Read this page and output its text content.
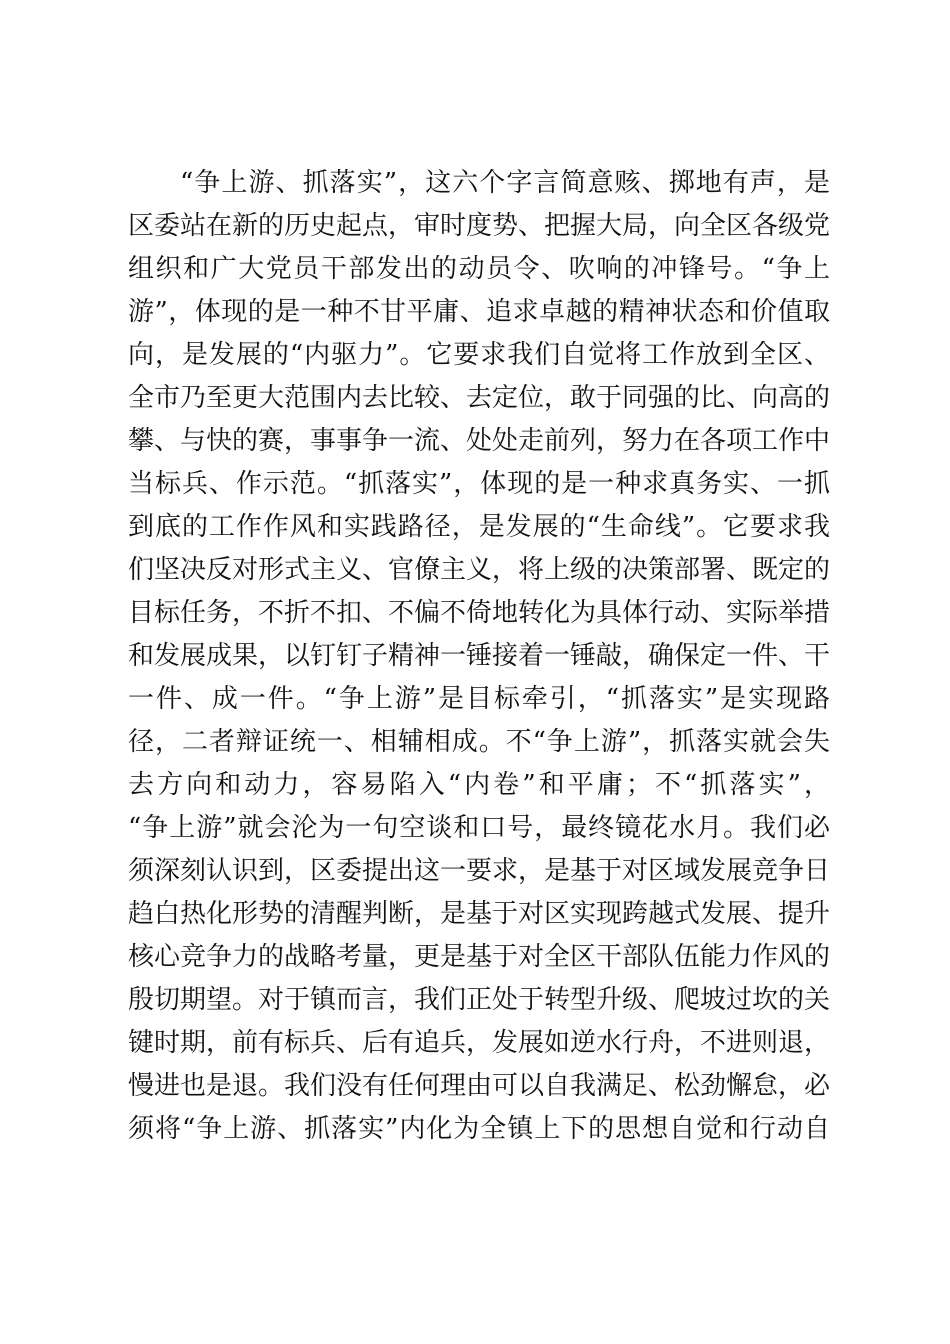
“争上游、抓落实”，这六个字言简意赅、掷地有声，是
区委站在新的历史起点，审时度势、把握大局，向全区各级党
组织和广大党员干部发出的动员令、吹响的冲锋号。“争上
游”，体现的是一种不甘平庸、追求卓越的精神状态和价值取
向，是发展的“内驱力”。它要求我们自觉将工作放到全区、
全市乃至更大范围内去比较、去定位，敢于同强的比、向高的
攀、与快的赛，事事争一流、处处走前列，努力在各项工作中
当标兵、作示范。“抓落实”，体现的是一种求真务实、一抓
到底的工作作风和实践路径，是发展的“生命线”。它要求我
们坚决反对形式主义、官僚主义，将上级的决策部署、既定的
目标任务，不折不扣、不偏不倚地转化为具体行动、实际举措
和发展成果，以钉钉子精神一锤接着一锤敲，确保定一件、干
一件、成一件。“争上游”是目标牵引，“抓落实”是实现路
径，二者辩证统一、相辅相成。不“争上游”，抓落实就会失
去方向和动力，容易陷入“内卷”和平庸；不“抓落实”，
“争上游”就会沦为一句空谈和口号，最终镜花水月。我们必
须深刻认识到，区委提出这一要求，是基于对区域发展竞争日
趋白热化形势的清醒判断，是基于对区实现跨越式发展、提升
核心竞争力的战略考量，更是基于对全区干部队伍能力作风的
殷切期望。对于镇而言，我们正处于转型升级、爬坡过坎的关
键时期，前有标兵、后有追兵，发展如逆水行舟，不进则退，
慢进也是退。我们没有任何理由可以自我满足、松劲懈怠，必
须将“争上游、抓落实”内化为全镇上下的思想自觉和行动自
